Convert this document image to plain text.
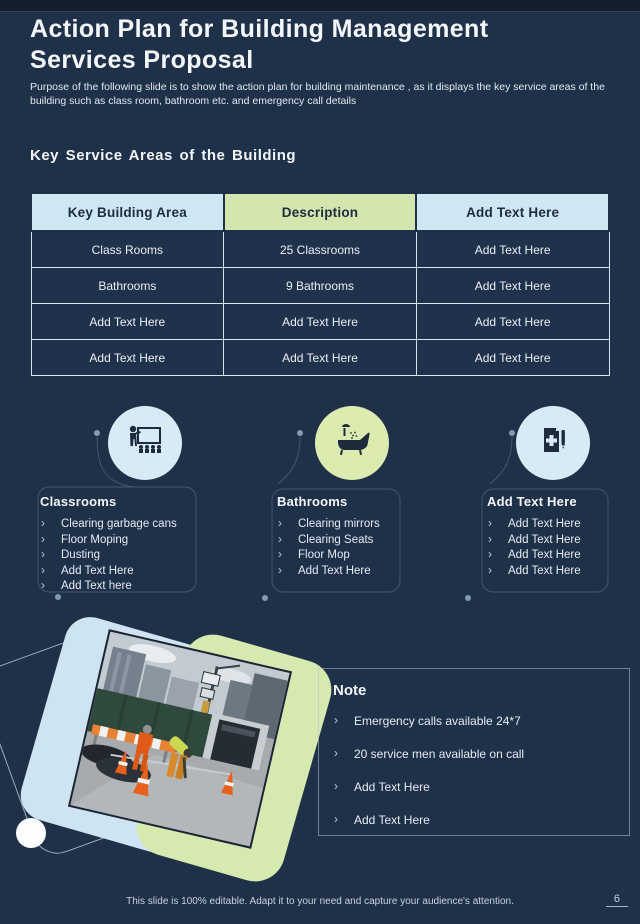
Action Plan for Building Management Services Proposal
Purpose of the following slide is to show the action plan for building maintenance , as it displays the key service areas of the building such as class room, bathroom etc. and emergency call details
Key Service Areas of the Building
Key Building Area	Description	Add Text Here
Class Rooms	25 Classrooms	Add Text Here
Bathrooms	9 Bathrooms	Add Text Here
Add Text Here	Add Text Here	Add Text Here
Add Text Here	Add Text Here	Add Text Here
Classrooms
› Clearing garbage cans
› Floor Moping
› Dusting
› Add Text Here
› Add Text here
Bathrooms
› Clearing mirrors
› Clearing Seats
› Floor Mop
› Add Text Here
Add Text Here
› Add Text Here
› Add Text Here
› Add Text Here
› Add Text Here
Note
› Emergency calls available 24*7
› 20 service men available on call
› Add Text Here
› Add Text Here
This slide is 100% editable. Adapt it to your need and capture your audience's attention.	6
